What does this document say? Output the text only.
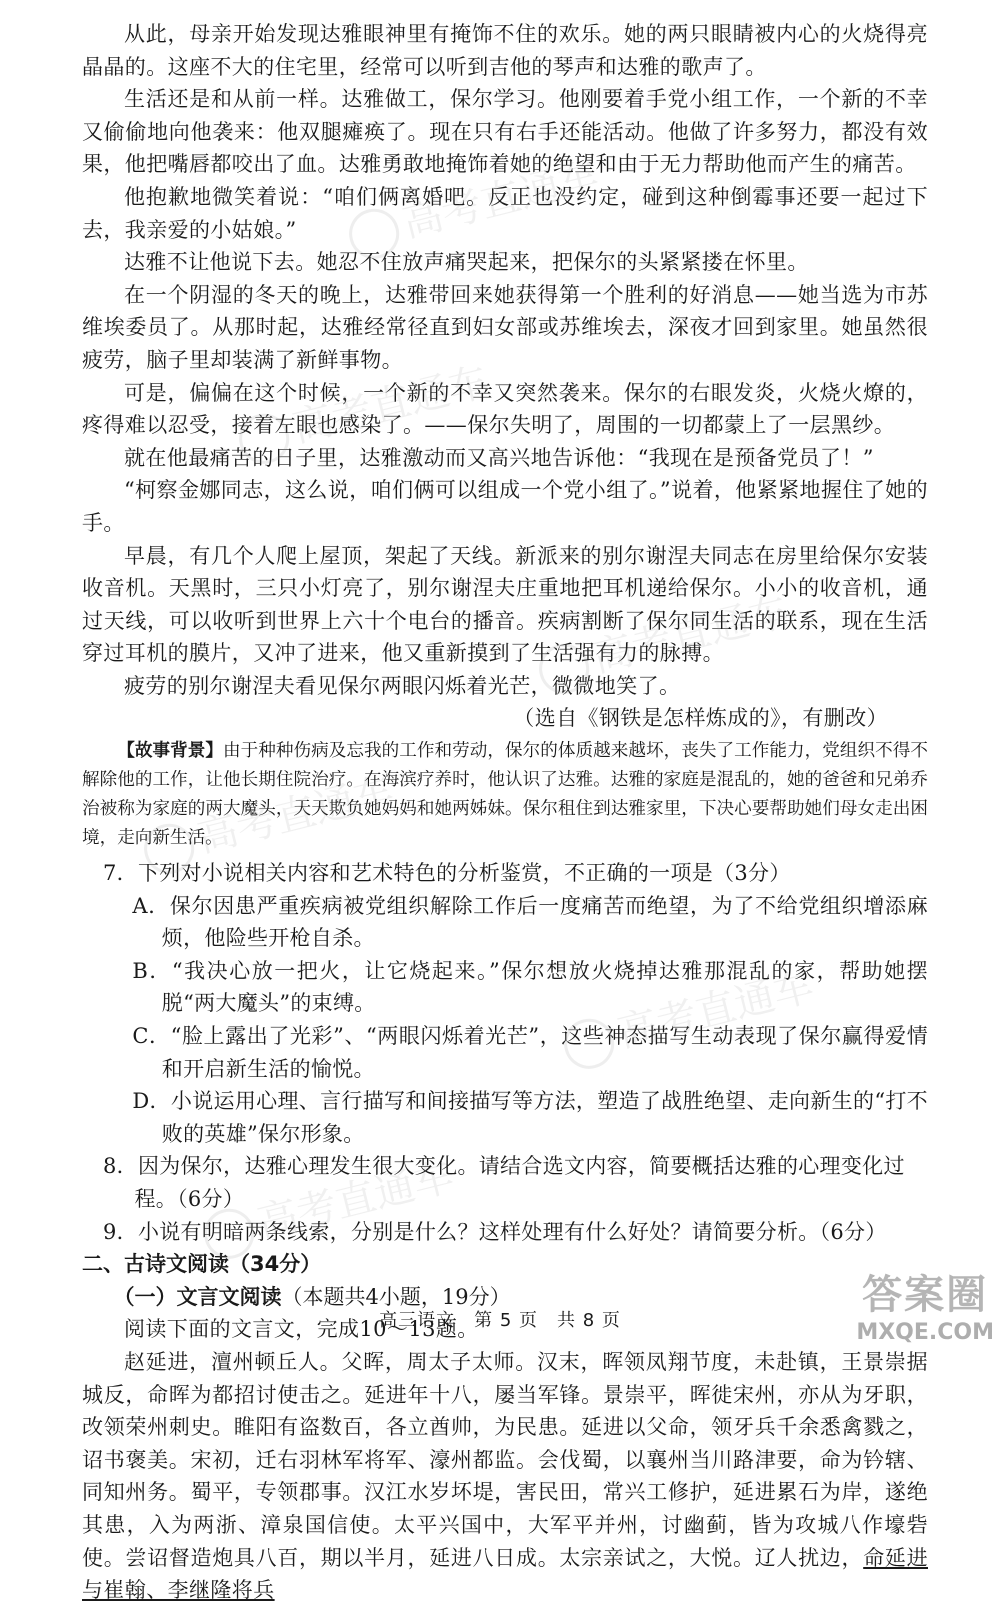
从此，母亲开始发现达雅眼神里有掩饰不住的欢乐。她的两只眼睛被内心的火烧得亮晶晶的。这座不大的住宅里，经常可以听到吉他的琴声和达雅的歌声了。

生活还是和从前一样。达雅做工，保尔学习。他刚要着手党小组工作，一个新的不幸又偷偷地向他袭来：他双腿瘫痪了。现在只有右手还能活动。他做了许多努力，都没有效果，他把嘴唇都咬出了血。达雅勇敢地掩饰着她的绝望和由于无力帮助他而产生的痛苦。

他抱歉地微笑着说：“咱们俩离婚吧。反正也没约定，碰到这种倒霉事还要一起过下去，我亲爱的小姑娘。”

达雅不让他说下去。她忍不住放声痛哭起来，把保尔的头紧紧搂在怀里。

在一个阴湿的冬天的晚上，达雅带回来她获得第一个胜利的好消息——她当选为市苏维埃委员了。从那时起，达雅经常径直到妇女部或苏维埃去，深夜才回到家里。她虽然很疲劳，脑子里却装满了新鲜事物。

可是，偏偏在这个时候，一个新的不幸又突然袭来。保尔的右眼发炎，火烧火燎的，疼得难以忍受，接着左眼也感染了。——保尔失明了，周围的一切都蒙上了一层黑纱。

就在他最痛苦的日子里，达雅激动而又高兴地告诉他：“我现在是预备党员了！”

“柯察金娜同志，这么说，咱们俩可以组成一个党小组了。”说着，他紧紧地握住了她的手。

早晨，有几个人爬上屋顶，架起了天线。新派来的别尔谢涅夫同志在房里给保尔安装收音机。天黑时，三只小灯亮了，别尔谢涅夫庄重地把耳机递给保尔。小小的收音机，通过天线，可以收听到世界上六十个电台的播音。疾病割断了保尔同生活的联系，现在生活穿过耳机的膜片，又冲了进来，他又重新摸到了生活强有力的脉搏。

疲劳的别尔谢涅夫看见保尔两眼闪烁着光芒，微微地笑了。

（选自《钢铁是怎样炼成的》，有删改）

【故事背景】由于种种伤病及忘我的工作和劳动，保尔的体质越来越坏，丧失了工作能力，党组织不得不解除他的工作，让他长期住院治疗。在海滨疗养时，他认识了达雅。达雅的家庭是混乱的，她的爸爸和兄弟乔治被称为家庭的两大魔头，天天欺负她妈妈和她两姊妹。保尔租住到达雅家里，下决心要帮助她们母女走出困境，走向新生活。

7．下列对小说相关内容和艺术特色的分析鉴赏，不正确的一项是（3分）

A．保尔因患严重疾病被党组织解除工作后一度痛苦而绝望，为了不给党组织增添麻烦，他险些开枪自杀。

B．“我决心放一把火，让它烧起来。”保尔想放火烧掉达雅那混乱的家，帮助她摆脱“两大魔头”的束缚。

C．“脸上露出了光彩”、“两眼闪烁着光芒”，这些神态描写生动表现了保尔赢得爱情和开启新生活的愉悦。

D．小说运用心理、言行描写和间接描写等方法，塑造了战胜绝望、走向新生的“打不败的英雄”保尔形象。

8．因为保尔，达雅心理发生很大变化。请结合选文内容，简要概括达雅的心理变化过程。（6分）

9．小说有明暗两条线索，分别是什么？这样处理有什么好处？请简要分析。（6分）

二、古诗文阅读（34分）

（一）文言文阅读（本题共4小题，19分）

阅读下面的文言文，完成10～13题。

赵延进，澶州顿丘人。父晖，周太子太师。汉末，晖领凤翔节度，未赴镇，王景崇据城反，命晖为都招讨使击之。延进年十八，屡当军锋。景崇平，晖徙宋州，亦从为牙职，改领荣州刺史。睢阳有盗数百，各立酋帅，为民患。延进以父命，领牙兵千余悉禽戮之，诏书褒美。宋初，迁右羽林军将军、濠州都监。会伐蜀，以襄州当川路津要，命为钤辖、同知州务。蜀平，专领郡事。汉江水岁坏堤，害民田，常兴工修护，延进累石为岸，遂绝其患，入为两浙、漳泉国信使。太平兴国中，大军平并州，讨幽蓟，皆为攻城八作壕砦使。尝诏督造炮具八百，期以半月，延进八日成。太宗亲试之，大悦。辽人扰边，命延进与崔翰、李继隆将兵

高考直通车
高考直通车
高考直通车
高考直通车
高考直通车
高考直通车
高三语文　第 5 页　共 8 页
答案圈
MXQE.COM
